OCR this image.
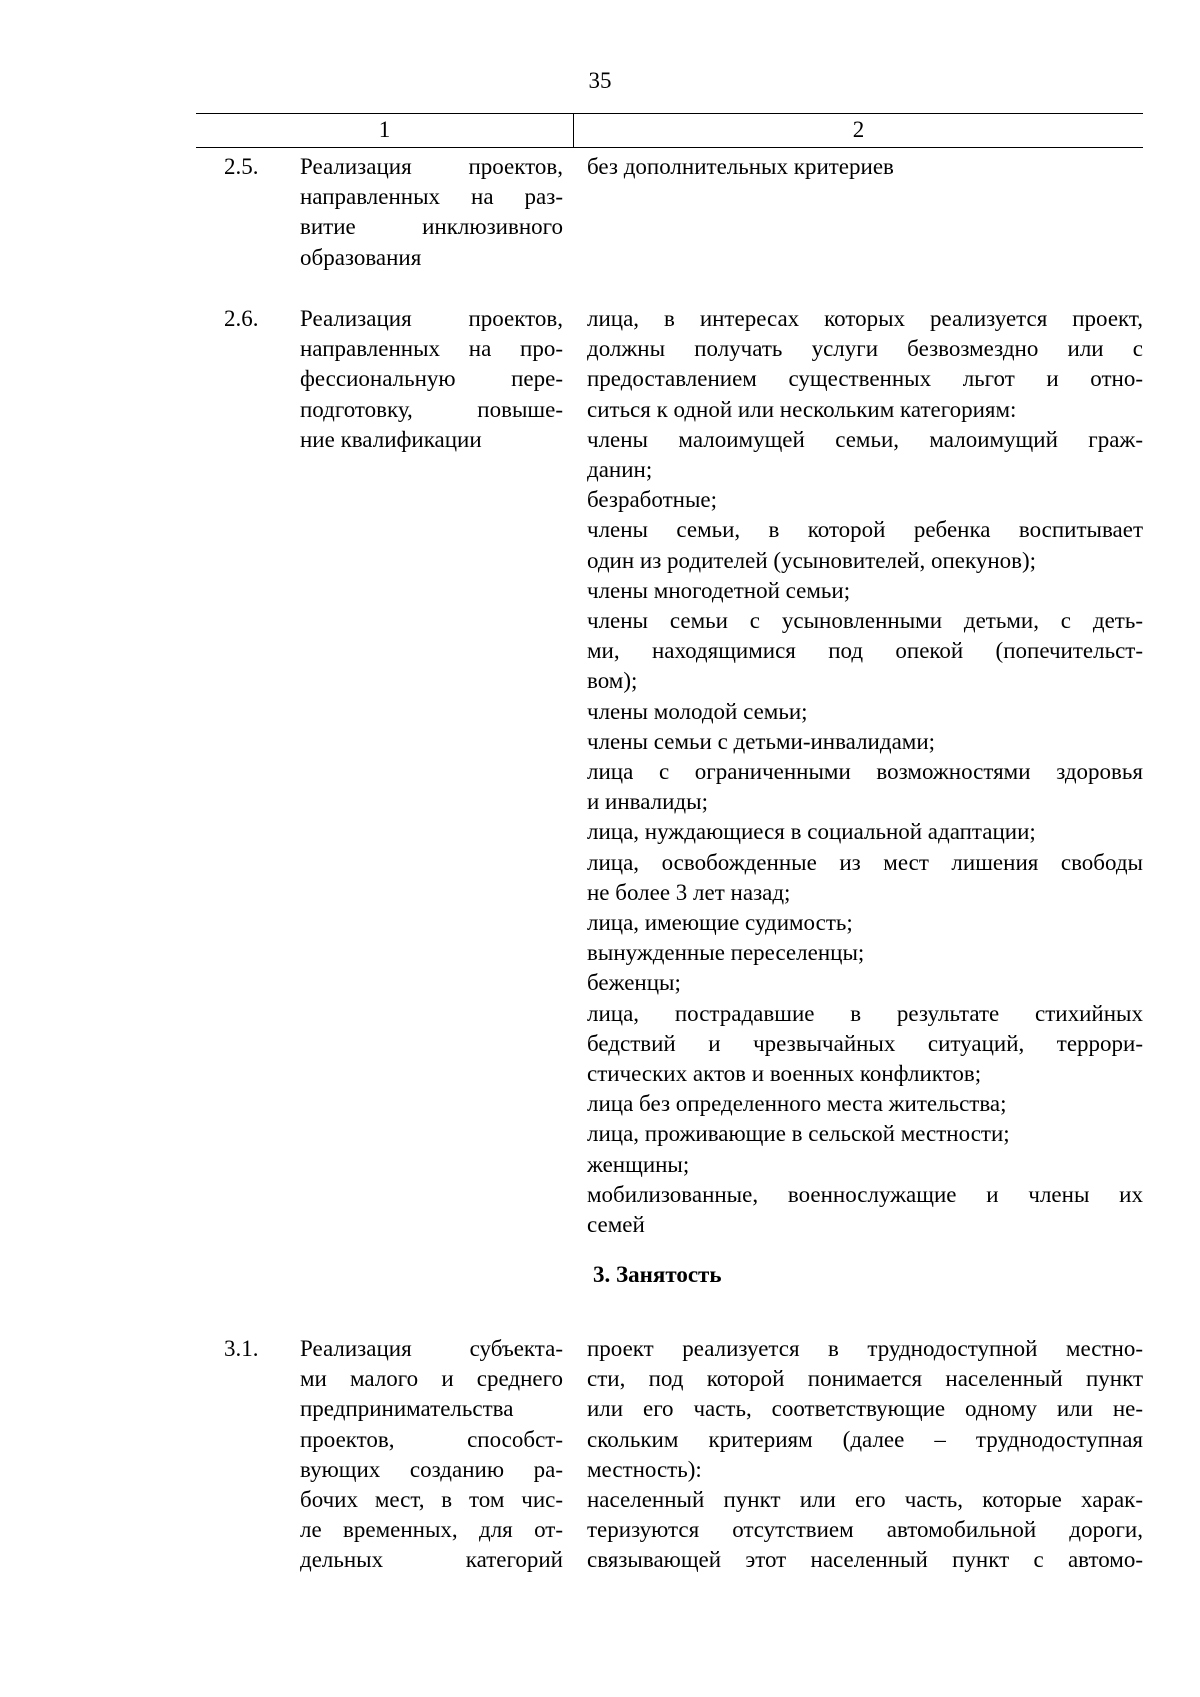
35
1	2
2.5. Реализация проектов,
направленных на раз-
витие инклюзивного
образования
без дополнительных критериев
2.6. Реализация проектов,
направленных на про-
фессиональную пере-
подготовку, повыше-
ние квалификации
лица, в интересах которых реализуется проект,
должны получать услуги безвозмездно или с
предоставлением существенных льгот и отно-
ситься к одной или нескольким категориям:
члены малоимущей семьи, малоимущий граж-
данин;
безработные;
члены семьи, в которой ребенка воспитывает
один из родителей (усыновителей, опекунов);
члены многодетной семьи;
члены семьи с усыновленными детьми, с деть-
ми, находящимися под опекой (попечительст-
вом);
члены молодой семьи;
члены семьи с детьми-инвалидами;
лица с ограниченными возможностями здоровья
и инвалиды;
лица, нуждающиеся в социальной адаптации;
лица, освобожденные из мест лишения свободы
не более 3 лет назад;
лица, имеющие судимость;
вынужденные переселенцы;
беженцы;
лица, пострадавшие в результате стихийных
бедствий и чрезвычайных ситуаций, террори-
стических актов и военных конфликтов;
лица без определенного места жительства;
лица, проживающие в сельской местности;
женщины;
мобилизованные, военнослужащие и члены их
семей
3. Занятость
3.1. Реализация субъекта-
ми малого и среднего
предпринимательства
проектов, способст-
вующих созданию ра-
бочих мест, в том чис-
ле временных, для от-
дельных категорий
проект реализуется в труднодоступной местно-
сти, под которой понимается населенный пункт
или его часть, соответствующие одному или не-
скольким критериям (далее – труднодоступная
местность):
населенный пункт или его часть, которые харак-
теризуются отсутствием автомобильной дороги,
связывающей этот населенный пункт с автомо-
